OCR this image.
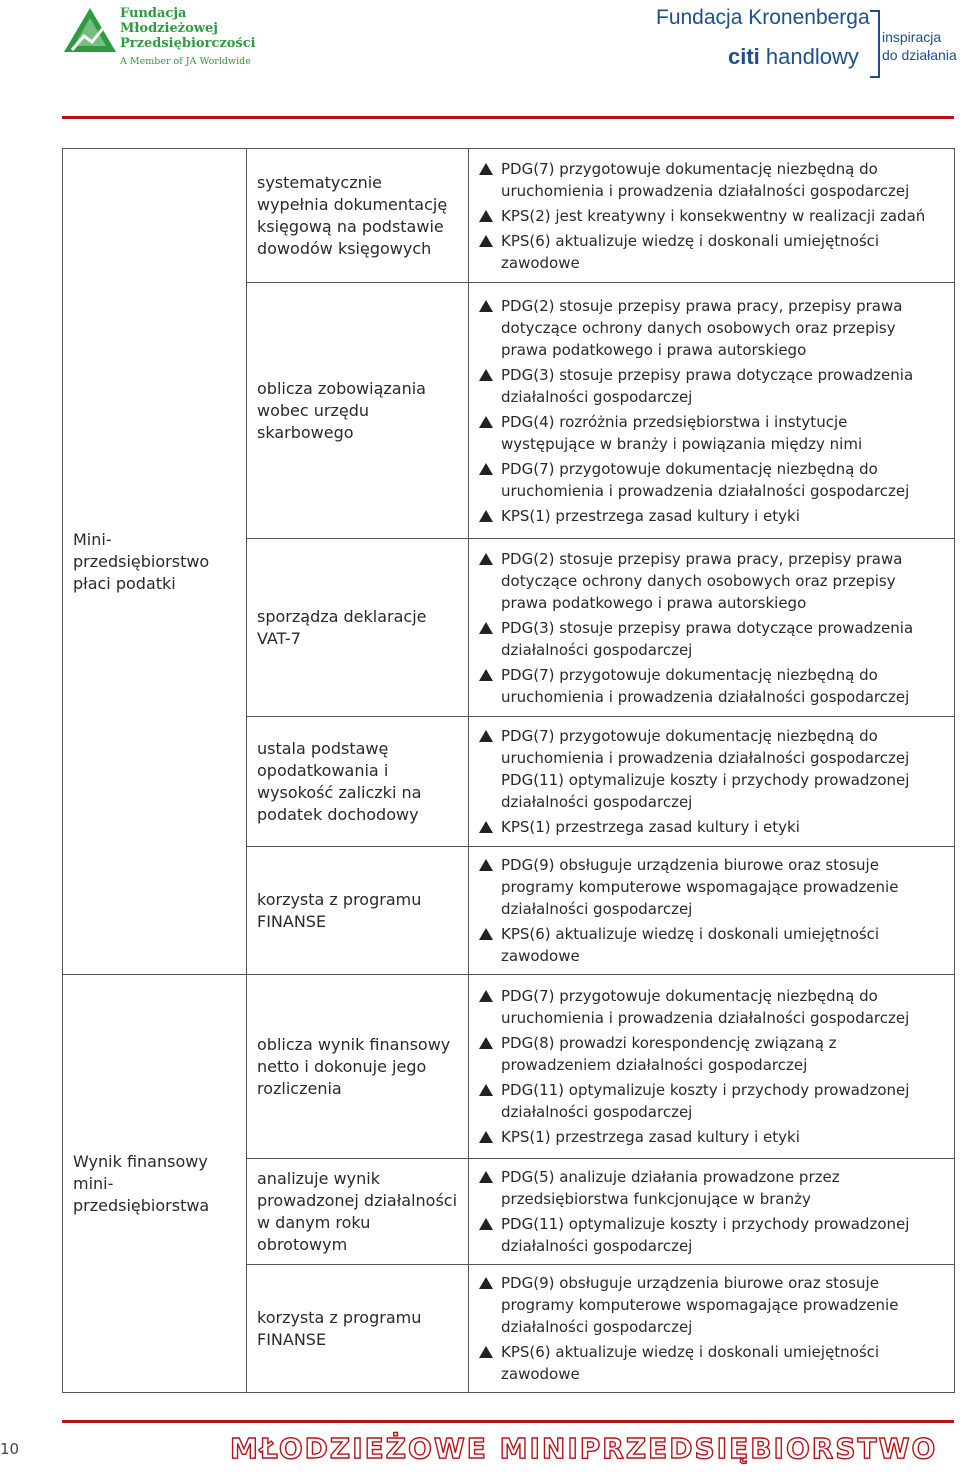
Fundacja
Młodzieżowej
Przedsiębiorczości
A Member of JA Worldwide
Fundacja Kronenberga
citi handlowy
inspiracja
do działania
Mini-przedsiębiorstwo płaci podatki	systematycznie wypełnia dokumentację księgową na podstawie dowodów księgowych	PDG(7) przygotowuje dokumentację niezbędną do uruchomienia i prowadzenia działalności gospodarczej
KPS(2) jest kreatywny i konsekwentny w realizacji zadań
KPS(6) aktualizuje wiedzę i doskonali umiejętności zawodowe

	oblicza zobowiązania wobec urzędu skarbowego	PDG(2) stosuje przepisy prawa pracy, przepisy prawa dotyczące ochrony danych osobowych oraz przepisy prawa podatkowego i prawa autorskiego
PDG(3) stosuje przepisy prawa dotyczące prowadzenia działalności gospodarczej
PDG(4) rozróżnia przedsiębiorstwa i instytucje występujące w branży i powiązania między nimi
PDG(7) przygotowuje dokumentację niezbędną do uruchomienia i prowadzenia działalności gospodarczej
KPS(1) przestrzega zasad kultury i etyki

	sporządza deklaracje VAT-7	PDG(2) stosuje przepisy prawa pracy, przepisy prawa dotyczące ochrony danych osobowych oraz przepisy prawa podatkowego i prawa autorskiego
PDG(3) stosuje przepisy prawa dotyczące prowadzenia działalności gospodarczej
PDG(7) przygotowuje dokumentację niezbędną do uruchomienia i prowadzenia działalności gospodarczej

	ustala podstawę opodatkowania i wysokość zaliczki na podatek dochodowy	PDG(7) przygotowuje dokumentację niezbędną do uruchomienia i prowadzenia działalności gospodarczej PDG(11) optymalizuje koszty i przychody prowadzonej działalności gospodarczej
KPS(1) przestrzega zasad kultury i etyki

	korzysta z programu FINANSE	PDG(9) obsługuje urządzenia biurowe oraz stosuje programy komputerowe wspomagające prowadzenie działalności gospodarczej
KPS(6) aktualizuje wiedzę i doskonali umiejętności zawodowe

Wynik finansowy mini-przedsiębiorstwa	oblicza wynik finansowy netto i dokonuje jego rozliczenia	PDG(7) przygotowuje dokumentację niezbędną do uruchomienia i prowadzenia działalności gospodarczej
PDG(8) prowadzi korespondencję związaną z prowadzeniem działalności gospodarczej
PDG(11) optymalizuje koszty i przychody prowadzonej działalności gospodarczej
KPS(1) przestrzega zasad kultury i etyki

	analizuje wynik prowadzonej działalności w danym roku obrotowym	PDG(5) analizuje działania prowadzone przez przedsiębiorstwa funkcjonujące w branży
PDG(11) optymalizuje koszty i przychody prowadzonej działalności gospodarczej

	korzysta z programu FINANSE	PDG(9) obsługuje urządzenia biurowe oraz stosuje programy komputerowe wspomagające prowadzenie działalności gospodarczej
KPS(6) aktualizuje wiedzę i doskonali umiejętności zawodowe
10	MŁODZIEŻOWE MINIPRZEDSIĘBIORSTWO
